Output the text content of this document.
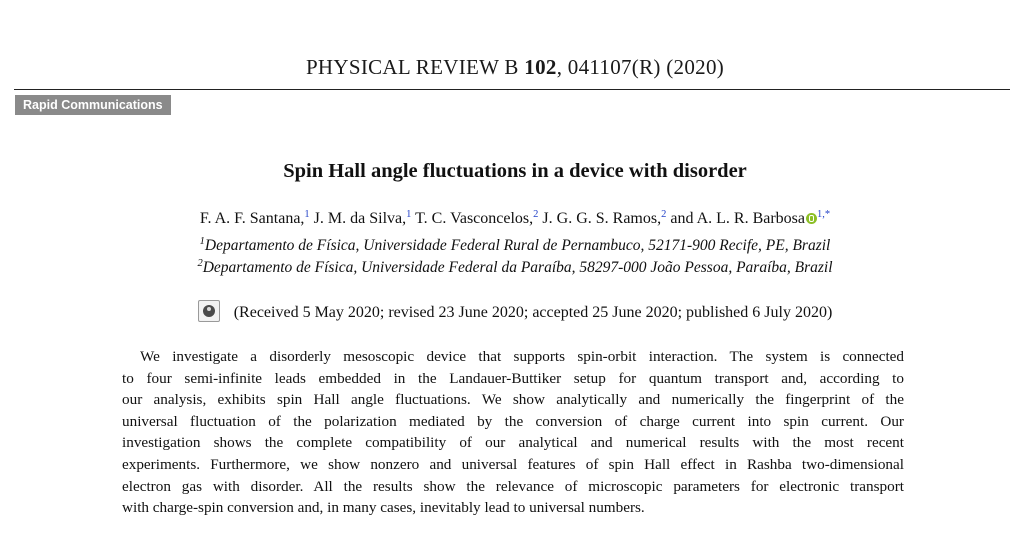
PHYSICAL REVIEW B 102, 041107(R) (2020)
Rapid Communications
Spin Hall angle fluctuations in a device with disorder
F. A. F. Santana,$^1$ J. M. da Silva,$^1$ T. C. Vasconcelos,$^2$ J. G. G. S. Ramos,$^2$ and A. L. R. Barbosa $^{1,*}$
$^1$Departamento de Física, Universidade Federal Rural de Pernambuco, 52171-900 Recife, PE, Brazil
$^2$Departamento de Física, Universidade Federal da Paraíba, 58297-000 João Pessoa, Paraíba, Brazil
(Received 5 May 2020; revised 23 June 2020; accepted 25 June 2020; published 6 July 2020)
We investigate a disorderly mesoscopic device that supports spin-orbit interaction. The system is connected
to four semi-infinite leads embedded in the Landauer-Buttiker setup for quantum transport and, according to
our analysis, exhibits spin Hall angle fluctuations. We show analytically and numerically the fingerprint of the
universal fluctuation of the polarization mediated by the conversion of charge current into spin current. Our
investigation shows the complete compatibility of our analytical and numerical results with the most recent
experiments. Furthermore, we show nonzero and universal features of spin Hall effect in Rashba two-dimensional
electron gas with disorder. All the results show the relevance of microscopic parameters for electronic transport
with charge-spin conversion and, in many cases, inevitably lead to universal numbers.
